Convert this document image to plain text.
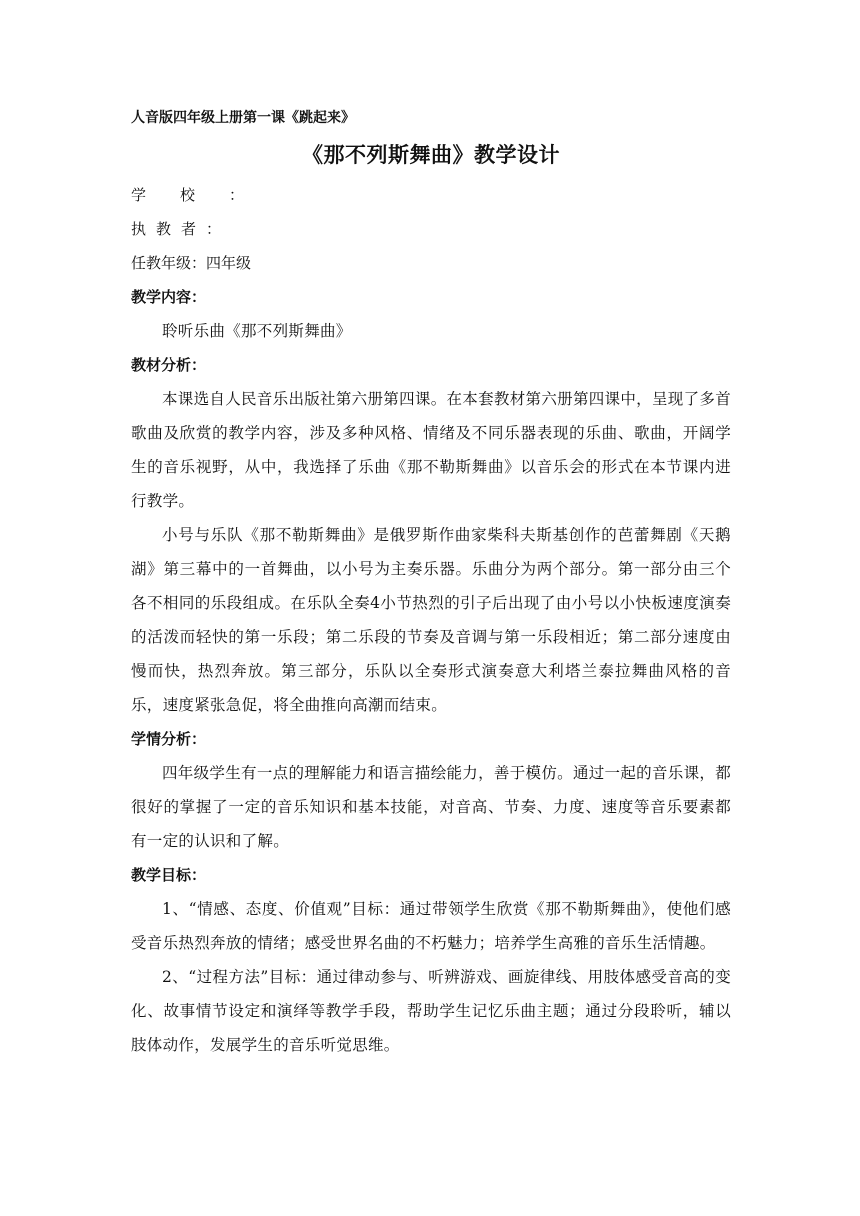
人音版四年级上册第一课《跳起来》

《那不列斯舞曲》教学设计

学校：

执教者：

任教年级：四年级

教学内容：

聆听乐曲《那不列斯舞曲》

教材分析：

本课选自人民音乐出版社第六册第四课。在本套教材第六册第四课中，呈现了多首歌曲及欣赏的教学内容，涉及多种风格、情绪及不同乐器表现的乐曲、歌曲，开阔学生的音乐视野，从中，我选择了乐曲《那不勒斯舞曲》以音乐会的形式在本节课内进行教学。

小号与乐队《那不勒斯舞曲》是俄罗斯作曲家柴科夫斯基创作的芭蕾舞剧《天鹅湖》第三幕中的一首舞曲，以小号为主奏乐器。乐曲分为两个部分。第一部分由三个各不相同的乐段组成。在乐队全奏4小节热烈的引子后出现了由小号以小快板速度演奏的活泼而轻快的第一乐段；第二乐段的节奏及音调与第一乐段相近；第二部分速度由慢而快，热烈奔放。第三部分，乐队以全奏形式演奏意大利塔兰泰拉舞曲风格的音乐，速度紧张急促，将全曲推向高潮而结束。

学情分析：

四年级学生有一点的理解能力和语言描绘能力，善于模仿。通过一起的音乐课，都很好的掌握了一定的音乐知识和基本技能，对音高、节奏、力度、速度等音乐要素都有一定的认识和了解。

教学目标：

1、“情感、态度、价值观”目标：通过带领学生欣赏《那不勒斯舞曲》，使他们感受音乐热烈奔放的情绪；感受世界名曲的不朽魅力；培养学生高雅的音乐生活情趣。

2、“过程方法”目标：通过律动参与、听辨游戏、画旋律线、用肢体感受音高的变化、故事情节设定和演绎等教学手段，帮助学生记忆乐曲主题；通过分段聆听，辅以肢体动作，发展学生的音乐听觉思维。
